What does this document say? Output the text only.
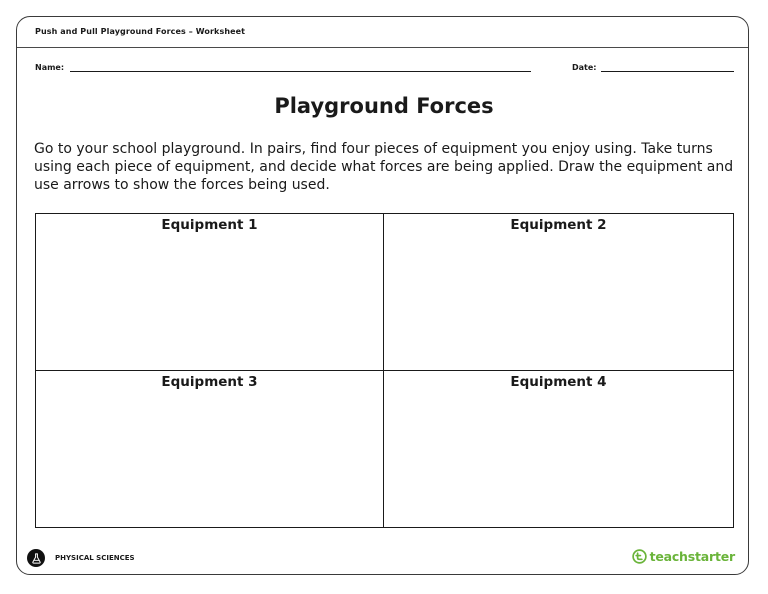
Push and Pull Playground Forces – Worksheet
Name:	Date:
Playground Forces
Go to your school playground. In pairs, find four pieces of equipment you enjoy using. Take turns using each piece of equipment, and decide what forces are being applied. Draw the equipment and use arrows to show the forces being used.
Equipment 1	Equipment 2
Equipment 3	Equipment 4
PHYSICAL SCIENCES	teachstarter
